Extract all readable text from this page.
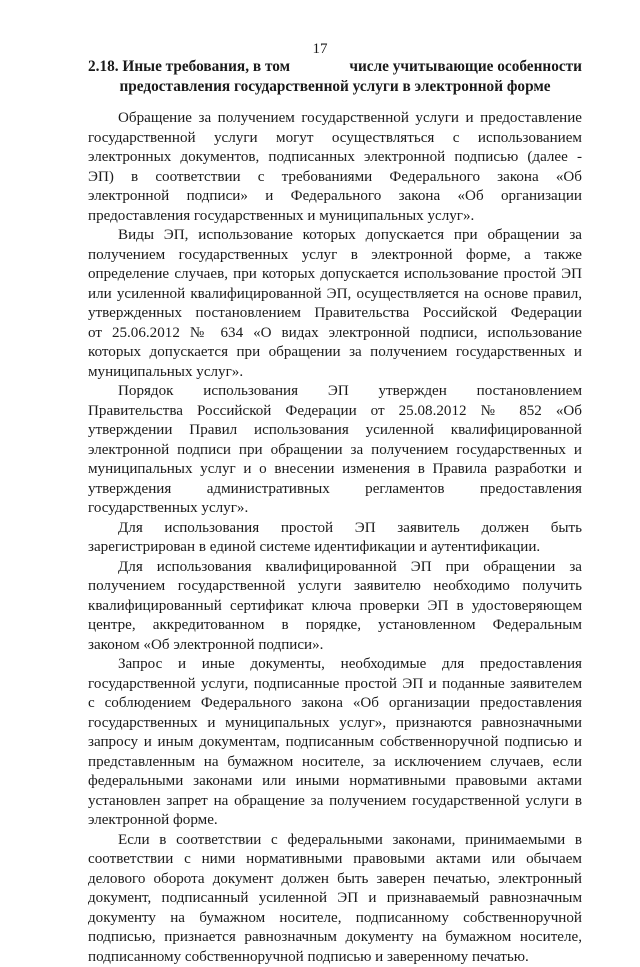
17
2.18. Иные требования, в том	числе учитывающие особенности
предоставления государственной услуги в электронной форме
Обращение за получением государственной услуги и предоставление
государственной услуги могут осуществляться с использованием
электронных документов, подписанных электронной подписью (далее -
ЭП) в соответствии с требованиями Федерального закона «Об
электронной подписи» и Федерального закона «Об организации
предоставления государственных и муниципальных услуг».
Виды ЭП, использование которых допускается при обращении за
получением государственных услуг в электронной форме, а также
определение случаев, при которых допускается использование простой ЭП
или усиленной квалифицированной ЭП, осуществляется на основе правил,
утвержденных постановлением Правительства Российской Федерации
от 25.06.2012 № 634 «О видах электронной подписи, использование
которых допускается при обращении за получением государственных и
муниципальных услуг».
Порядок использования ЭП утвержден постановлением
Правительства Российской Федерации от 25.08.2012 № 852 «Об
утверждении Правил использования усиленной квалифицированной
электронной подписи при обращении за получением государственных и
муниципальных услуг и о внесении изменения в Правила разработки и
утверждения административных регламентов предоставления
государственных услуг».
Для использования простой ЭП заявитель должен быть
зарегистрирован в единой системе идентификации и аутентификации.
Для использования квалифицированной ЭП при обращении за
получением государственной услуги заявителю необходимо получить
квалифицированный сертификат ключа проверки ЭП в удостоверяющем
центре, аккредитованном в порядке, установленном Федеральным
законом «Об электронной подписи».
Запрос и иные документы, необходимые для предоставления
государственной услуги, подписанные простой ЭП и поданные заявителем
с соблюдением Федерального закона «Об организации предоставления
государственных и муниципальных услуг», признаются равнозначными
запросу и иным документам, подписанным собственноручной подписью и
представленным на бумажном носителе, за исключением случаев, если
федеральными законами или иными нормативными правовыми актами
установлен запрет на обращение за получением государственной услуги в
электронной форме.
Если в соответствии с федеральными законами, принимаемыми в
соответствии с ними нормативными правовыми актами или обычаем
делового оборота документ должен быть заверен печатью, электронный
документ, подписанный усиленной ЭП и признаваемый равнозначным
документу на бумажном носителе, подписанному собственноручной
подписью, признается равнозначным документу на бумажном носителе,
подписанному собственноручной подписью и заверенному печатью.
